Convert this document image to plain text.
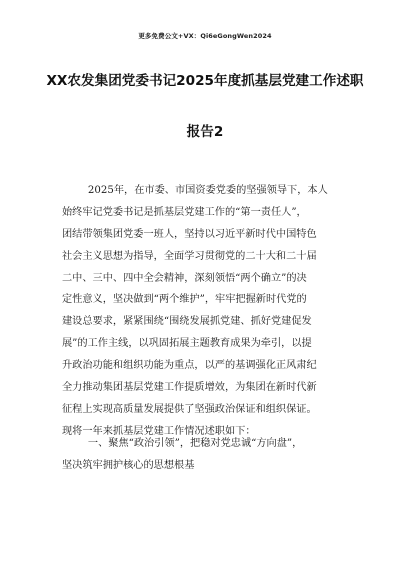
更多免费公文+VX：Qi6eGongWen2024
XX农发集团党委书记2025年度抓基层党建工作述职
报告2
2025年，在市委、市国资委党委的坚强领导下，本人
始终牢记党委书记是抓基层党建工作的“第一责任人”，
团结带领集团党委一班人，坚持以习近平新时代中国特色
社会主义思想为指导，全面学习贯彻党的二十大和二十届
二中、三中、四中全会精神，深刻领悟“两个确立”的决
定性意义，坚决做到“两个维护”，牢牢把握新时代党的
建设总要求，紧紧围绕“围绕发展抓党建、抓好党建促发
展”的工作主线，以巩固拓展主题教育成果为牵引，以提
升政治功能和组织功能为重点，以严的基调强化正风肃纪
全力推动集团基层党建工作提质增效，为集团在新时代新
征程上实现高质量发展提供了坚强政治保证和组织保证。
现将一年来抓基层党建工作情况述职如下：
一、聚焦“政治引领”，把稳对党忠诚“方向盘”，
坚决筑牢拥护核心的思想根基
